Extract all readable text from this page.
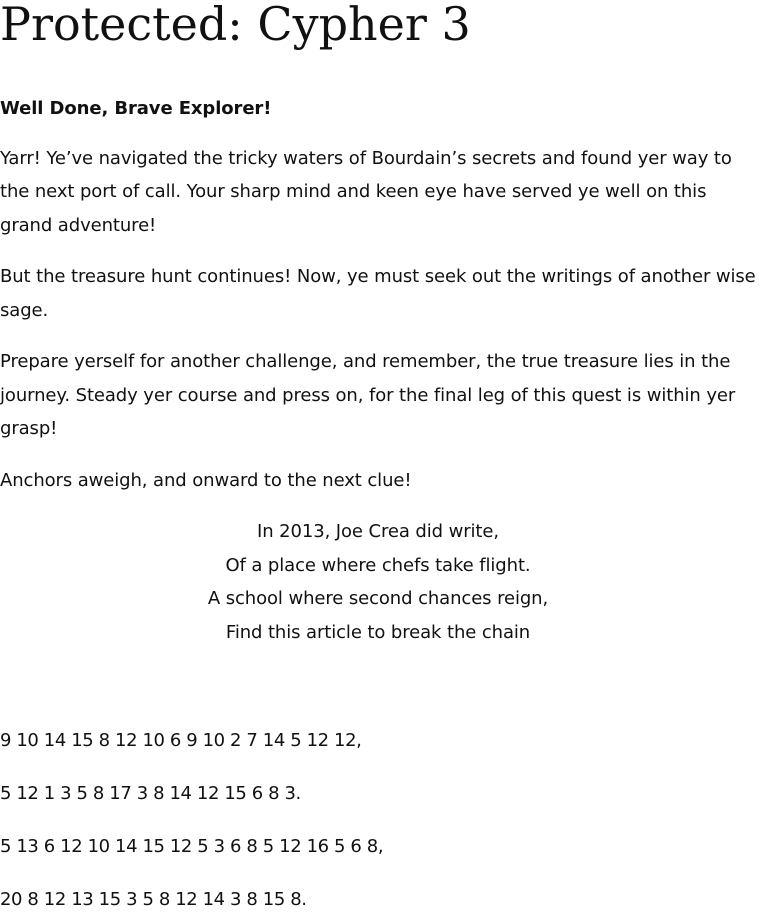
Protected: Cypher 3

Well Done, Brave Explorer!

Yarr! Ye’ve navigated the tricky waters of Bourdain’s secrets and found yer way to the next port of call. Your sharp mind and keen eye have served ye well on this grand adventure!

But the treasure hunt continues! Now, ye must seek out the writings of another wise sage.

Prepare yerself for another challenge, and remember, the true treasure lies in the journey. Steady yer course and press on, for the final leg of this quest is within yer grasp!

Anchors aweigh, and onward to the next clue!

In 2013, Joe Crea did write,
Of a place where chefs take flight.
A school where second chances reign,
Find this article to break the chain

9 10 14 15 8 12 10 6 9 10 2 7 14 5 12 12,

5 12 1 3 5 8 17 3 8 14 12 15 6 8 3.

5 13 6 12 10 14 15 12 5 3 6 8 5 12 16 5 6 8,

20 8 12 13 15 3 5 8 12 14 3 8 15 8.
